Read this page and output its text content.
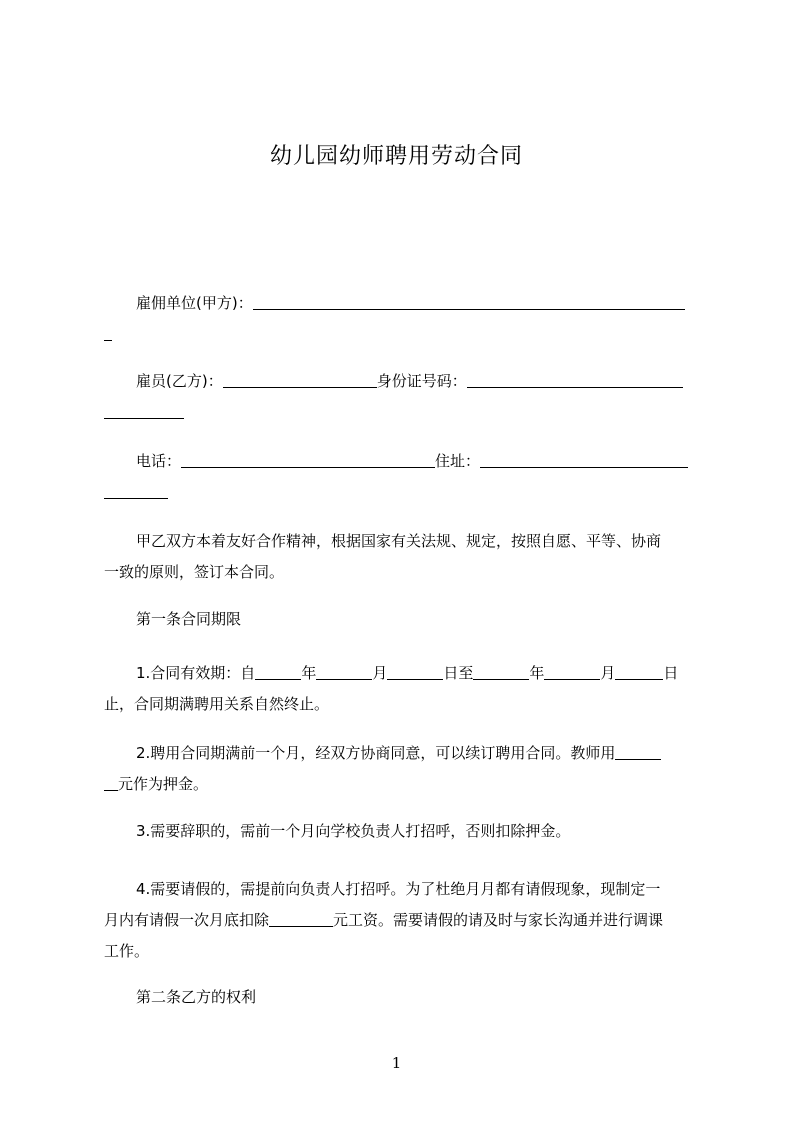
幼儿园幼师聘用劳动合同
雇佣单位(甲方)：
雇员(乙方)：	身份证号码：
电话：	住址：
甲乙双方本着友好合作精神，根据国家有关法规、规定，按照自愿、平等、协商
一致的原则，签订本合同。
第一条合同期限
1.合同有效期：自	年	月	日至	年	月	日
止，合同期满聘用关系自然终止。
2.聘用合同期满前一个月，经双方协商同意，可以续订聘用合同。教师用
元作为押金。
3.需要辞职的，需前一个月向学校负责人打招呼，否则扣除押金。
4.需要请假的，需提前向负责人打招呼。为了杜绝月月都有请假现象，现制定一
月内有请假一次月底扣除	元工资。需要请假的请及时与家长沟通并进行调课
工作。
第二条乙方的权利
1
